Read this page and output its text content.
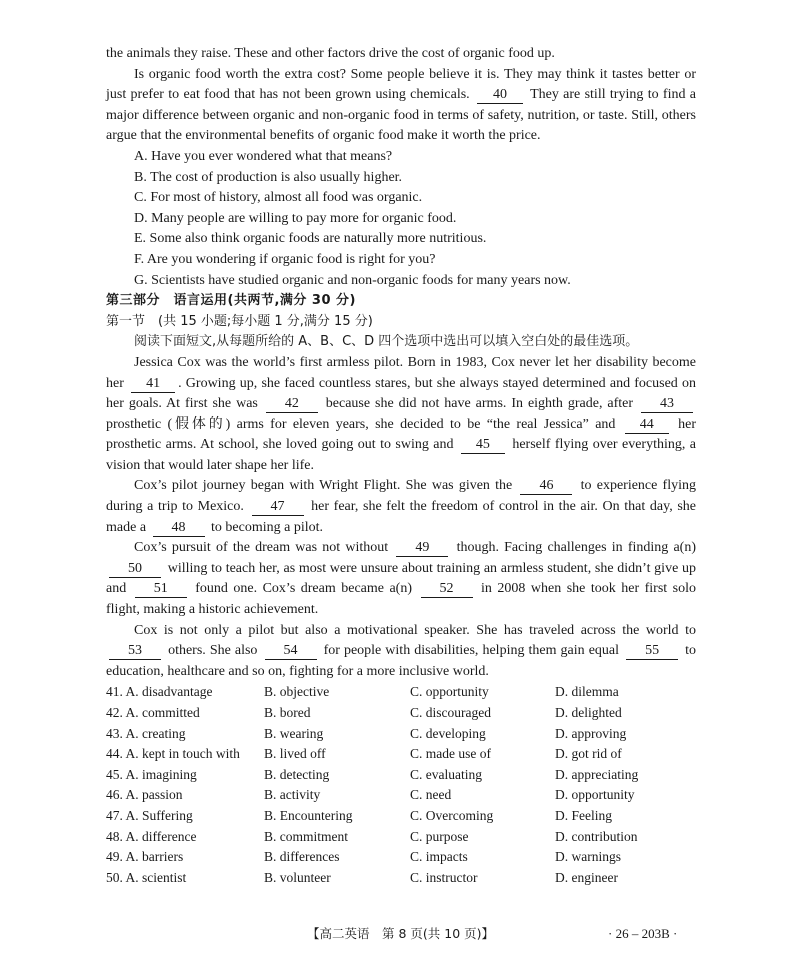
the animals they raise. These and other factors drive the cost of organic food up.

Is organic food worth the extra cost? Some people believe it is. They may think it tastes better or just prefer to eat food that has not been grown using chemicals. 40 They are still trying to find a major difference between organic and non-organic food in terms of safety, nutrition, or taste. Still, others argue that the environmental benefits of organic food make it worth the price.

A. Have you ever wondered what that means?

B. The cost of production is also usually higher.

C. For most of history, almost all food was organic.

D. Many people are willing to pay more for organic food.

E. Some also think organic foods are naturally more nutritious.

F. Are you wondering if organic food is right for you?

G. Scientists have studied organic and non-organic foods for many years now.

第三部分　语言运用(共两节,满分 30 分)

第一节　(共 15 小题;每小题 1 分,满分 15 分)

阅读下面短文,从每题所给的 A、B、C、D 四个选项中选出可以填入空白处的最佳选项。

Jessica Cox was the world’s first armless pilot. Born in 1983, Cox never let her disability become her 41 . Growing up, she faced countless stares, but she always stayed determined and focused on her goals. At first she was 42 because she did not have arms. In eighth grade, after 43 prosthetic (假体的) arms for eleven years, she decided to be “the real Jessica” and 44 her prosthetic arms. At school, she loved going out to swing and 45 herself flying over everything, a vision that would later shape her life.

Cox’s pilot journey began with Wright Flight. She was given the 46 to experience flying during a trip to Mexico. 47 her fear, she felt the freedom of control in the air. On that day, she made a 48 to becoming a pilot.

Cox’s pursuit of the dream was not without 49 though. Facing challenges in finding a(n) 50 willing to teach her, as most were unsure about training an armless student, she didn’t give up and 51 found one. Cox’s dream became a(n) 52 in 2008 when she took her first solo flight, making a historic achievement.

Cox is not only a pilot but also a motivational speaker. She has traveled across the world to 53 others. She also 54 for people with disabilities, helping them gain equal 55 to education, healthcare and so on, fighting for a more inclusive world.

41. A. disadvantage	B. objective	C. opportunity	D. dilemma
42. A. committed	B. bored	C. discouraged	D. delighted
43. A. creating	B. wearing	C. developing	D. approving
44. A. kept in touch with	B. lived off	C. made use of	D. got rid of
45. A. imagining	B. detecting	C. evaluating	D. appreciating
46. A. passion	B. activity	C. need	D. opportunity
47. A. Suffering	B. Encountering	C. Overcoming	D. Feeling
48. A. difference	B. commitment	C. purpose	D. contribution
49. A. barriers	B. differences	C. impacts	D. warnings
50. A. scientist	B. volunteer	C. instructor	D. engineer
【高二英语　第 8 页(共 10 页)】	· 26 – 203B ·
